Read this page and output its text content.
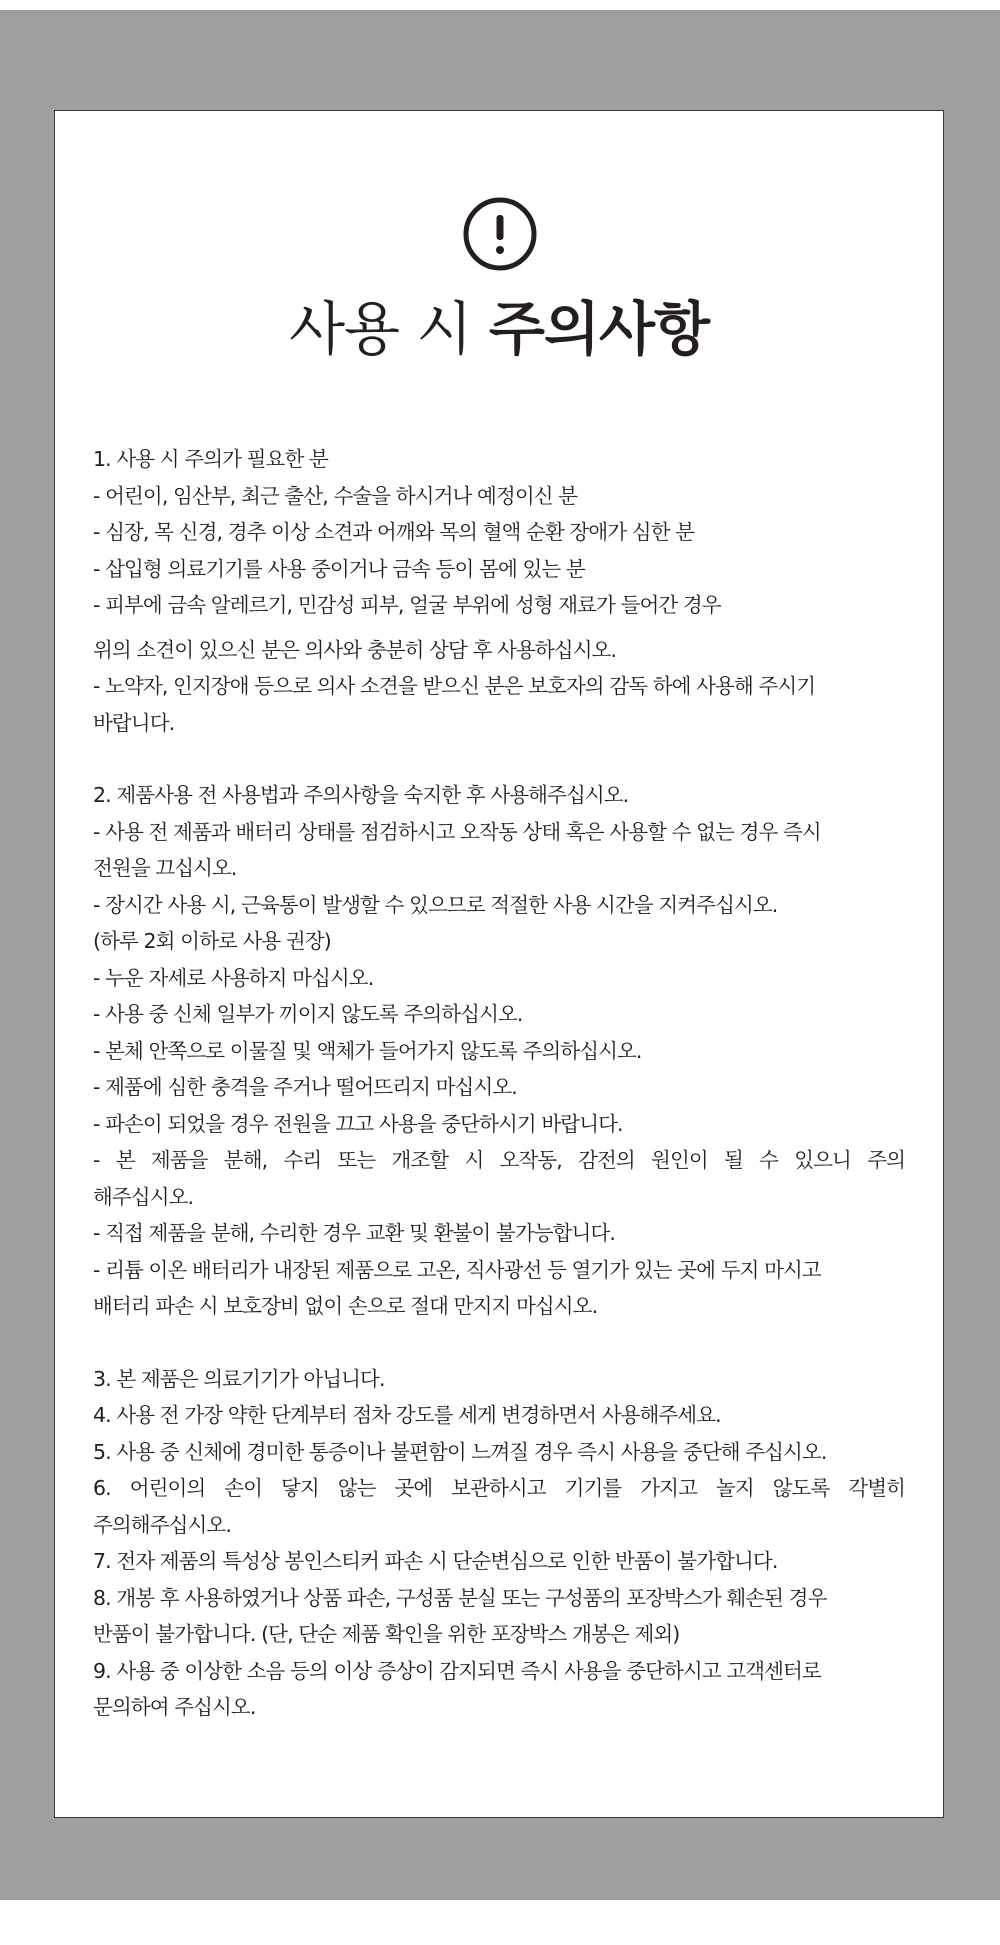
사용 시 주의사항
1. 사용 시 주의가 필요한 분
- 어린이, 임산부, 최근 출산, 수술을 하시거나 예정이신 분
- 심장, 목 신경, 경추 이상 소견과 어깨와 목의 혈액 순환 장애가 심한 분
- 삽입형 의료기기를 사용 중이거나 금속 등이 몸에 있는 분
- 피부에 금속 알레르기, 민감성 피부, 얼굴 부위에 성형 재료가 들어간 경우
위의 소견이 있으신 분은 의사와 충분히 상담 후 사용하십시오.
- 노약자, 인지장애 등으로 의사 소견을 받으신 분은 보호자의 감독 하에 사용해 주시기
바랍니다.
2. 제품사용 전 사용법과 주의사항을 숙지한 후 사용해주십시오.
- 사용 전 제품과 배터리 상태를 점검하시고 오작동 상태 혹은 사용할 수 없는 경우 즉시
전원을 끄십시오.
- 장시간 사용 시, 근육통이 발생할 수 있으므로 적절한 사용 시간을 지켜주십시오.
(하루 2회 이하로 사용 권장)
- 누운 자세로 사용하지 마십시오.
- 사용 중 신체 일부가 끼이지 않도록 주의하십시오.
- 본체 안쪽으로 이물질 및 액체가 들어가지 않도록 주의하십시오.
- 제품에 심한 충격을 주거나 떨어뜨리지 마십시오.
- 파손이 되었을 경우 전원을 끄고 사용을 중단하시기 바랍니다.
- 본 제품을 분해, 수리 또는 개조할 시 오작동, 감전의 원인이 될 수 있으니 주의
해주십시오.
- 직접 제품을 분해, 수리한 경우 교환 및 환불이 불가능합니다.
- 리튬 이온 배터리가 내장된 제품으로 고온, 직사광선 등 열기가 있는 곳에 두지 마시고
배터리 파손 시 보호장비 없이 손으로 절대 만지지 마십시오.
3. 본 제품은 의료기기가 아닙니다.
4. 사용 전 가장 약한 단계부터 점차 강도를 세게 변경하면서 사용해주세요.
5. 사용 중 신체에 경미한 통증이나 불편함이 느껴질 경우 즉시 사용을 중단해 주십시오.
6. 어린이의 손이 닿지 않는 곳에 보관하시고 기기를 가지고 놀지 않도록 각별히
주의해주십시오.
7. 전자 제품의 특성상 봉인스티커 파손 시 단순변심으로 인한 반품이 불가합니다.
8. 개봉 후 사용하였거나 상품 파손, 구성품 분실 또는 구성품의 포장박스가 훼손된 경우
반품이 불가합니다. (단, 단순 제품 확인을 위한 포장박스 개봉은 제외)
9. 사용 중 이상한 소음 등의 이상 증상이 감지되면 즉시 사용을 중단하시고 고객센터로
문의하여 주십시오.
